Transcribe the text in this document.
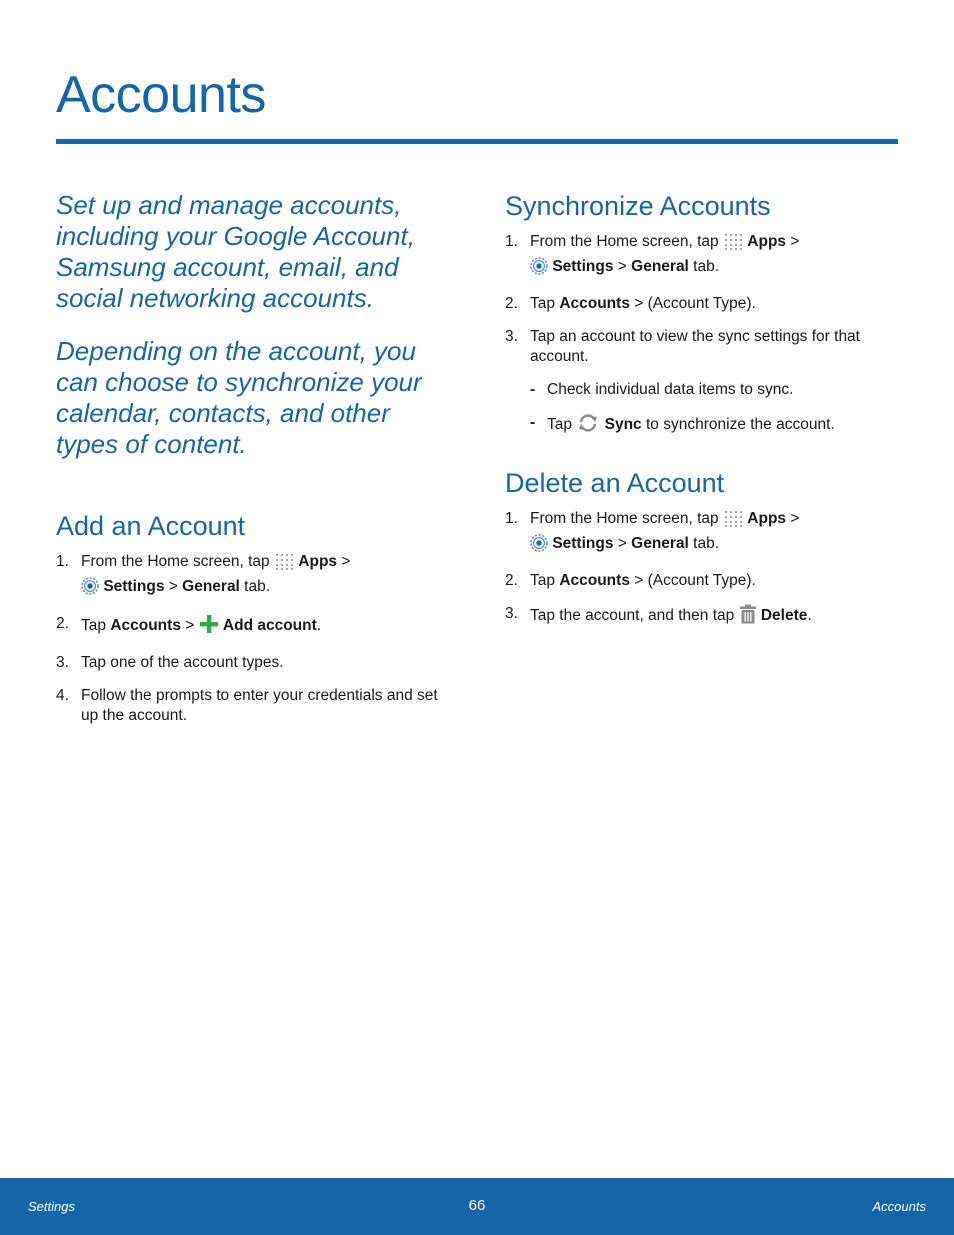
Accounts

Set up and manage accounts, including your Google Account, Samsung account, email, and social networking accounts.

Depending on the account, you can choose to synchronize your calendar, contacts, and other types of content.

Add an Account
1. From the Home screen, tap  Apps >
Settings > General tab.
2. Tap Accounts >  Add account.
3. Tap one of the account types.
4. Follow the prompts to enter your credentials and set up the account.
Synchronize Accounts
1. From the Home screen, tap  Apps >
Settings > General tab.
2. Tap Accounts > (Account Type).
3. Tap an account to view the sync settings for that account.
- Check individual data items to sync.
- Tap  Sync to synchronize the account.
Delete an Account
1. From the Home screen, tap  Apps >
Settings > General tab.
2. Tap Accounts > (Account Type).
3. Tap the account, and then tap  Delete.
Settings	66	Accounts
